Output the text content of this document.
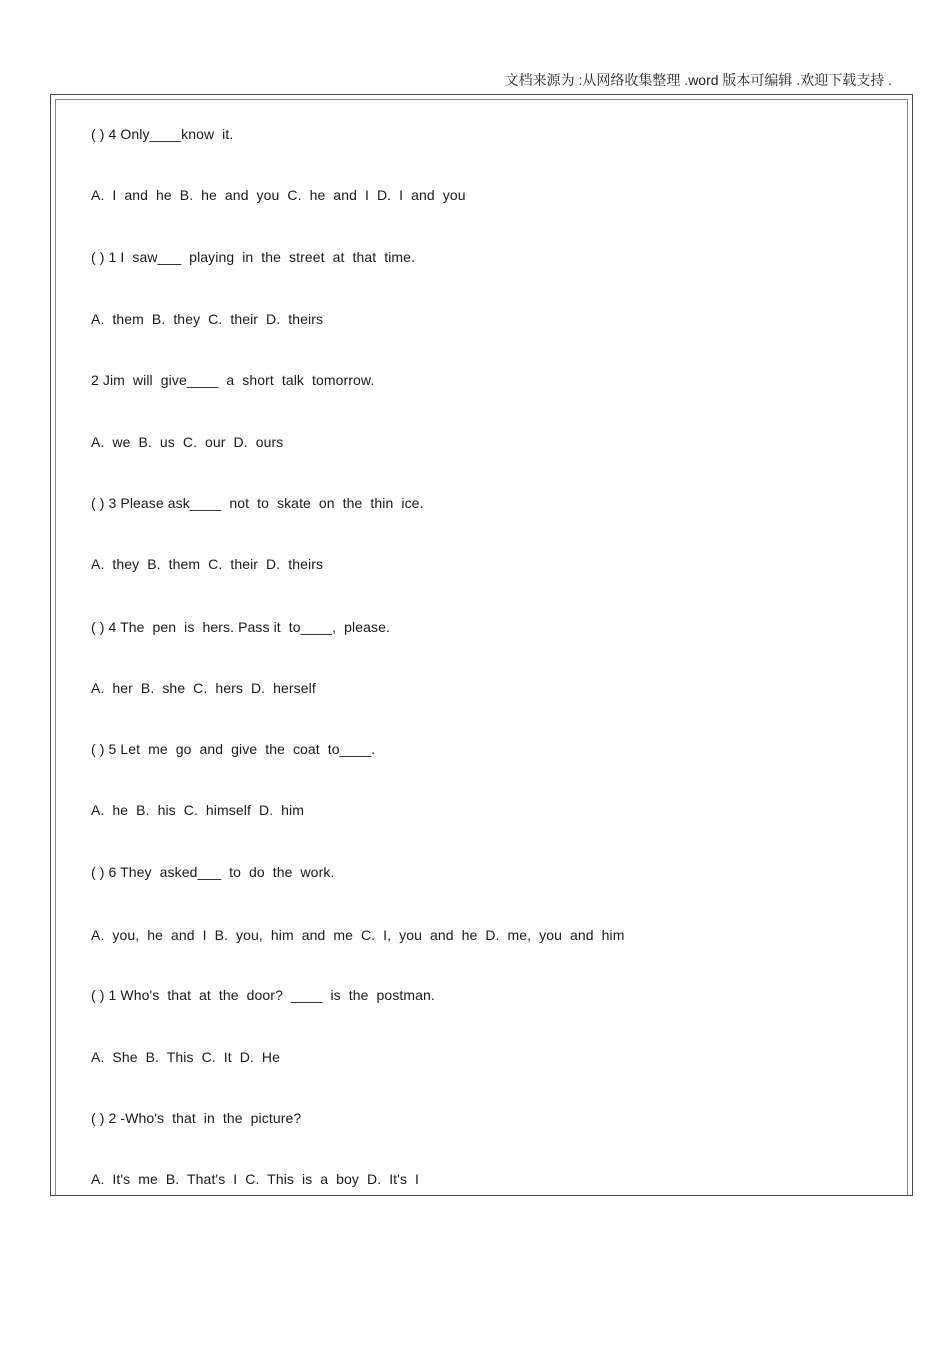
文档来源为 :从网络收集整理 .word 版本可编辑 .欢迎下载支持 .
( ) 4 Only____know  it.
A.  I  and  he  B.  he  and  you  C.  he  and  I  D.  I  and  you
( ) 1 I  saw___  playing  in  the  street  at  that  time.
A.  them  B.  they  C.  their  D.  theirs
2 Jim  will  give____  a  short  talk  tomorrow.
A.  we  B.  us  C.  our  D.  ours
( ) 3 Please ask____  not  to  skate  on  the  thin  ice.
A.  they  B.  them  C.  their  D.  theirs
( ) 4 The  pen  is  hers. Pass it  to____,  please.
A.  her  B.  she  C.  hers  D.  herself
( ) 5 Let  me  go  and  give  the  coat  to____.
A.  he  B.  his  C.  himself  D.  him
( ) 6 They  asked___  to  do  the  work.
A.  you,  he  and  I  B.  you,  him  and  me  C.  I,  you  and  he  D.  me,  you  and  him
( ) 1 Who's  that  at  the  door?  ____  is  the  postman.
A.  She  B.  This  C.  It  D.  He
( ) 2 -Who's  that  in  the  picture?
A.  It's  me  B.  That's  I  C.  This  is  a  boy  D.  It's  I
